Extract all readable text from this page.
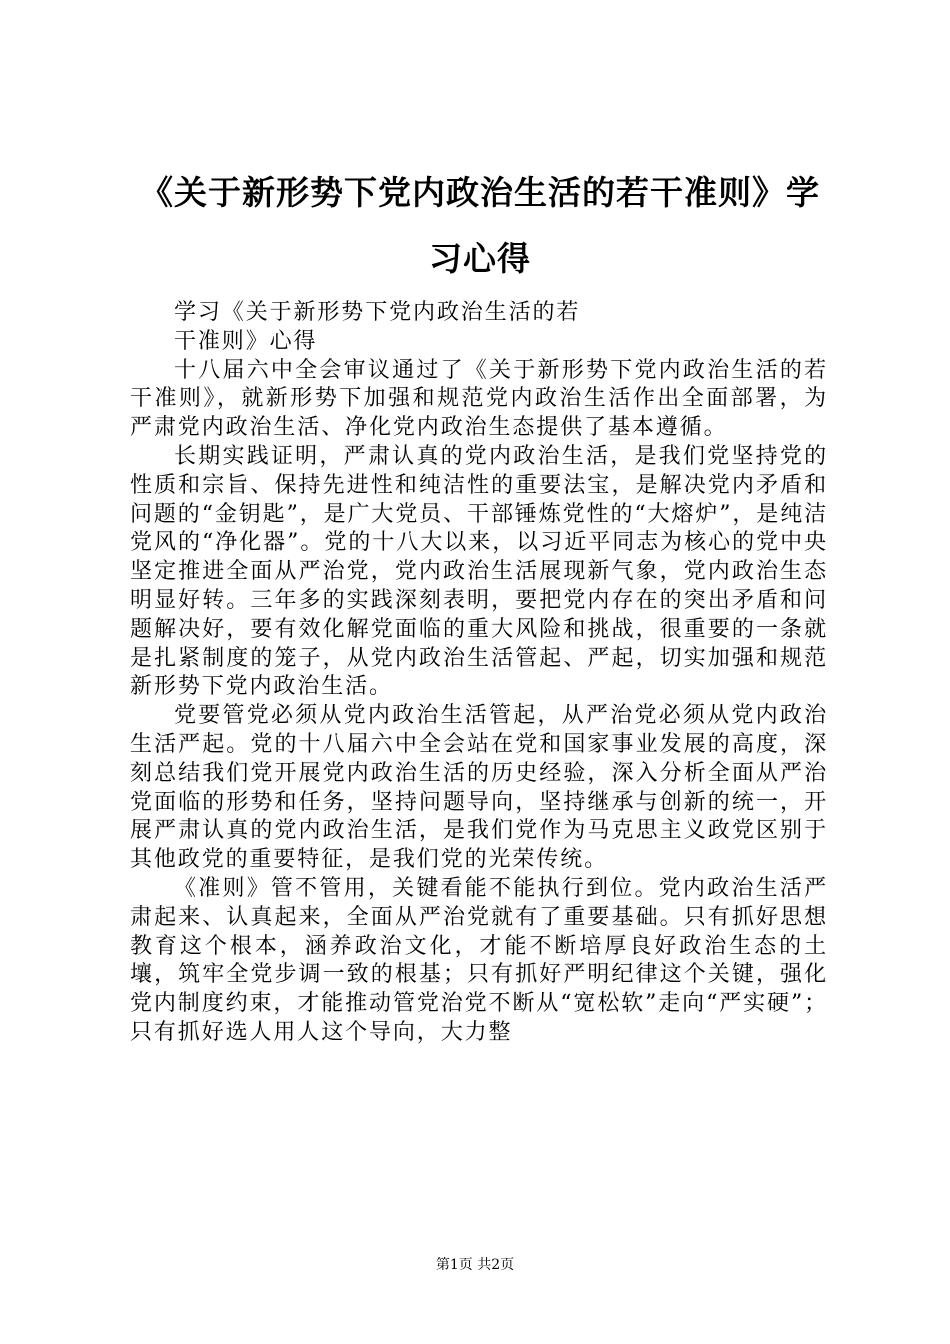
《关于新形势下党内政治生活的若干准则》学习心得

学习《关于新形势下党内政治生活的若干准则》心得

十八届六中全会审议通过了《关于新形势下党内政治生活的若干准则》，就新形势下加强和规范党内政治生活作出全面部署，为严肃党内政治生活、净化党内政治生态提供了基本遵循。

长期实践证明，严肃认真的党内政治生活，是我们党坚持党的性质和宗旨、保持先进性和纯洁性的重要法宝，是解决党内矛盾和问题的“金钥匙”，是广大党员、干部锤炼党性的“大熔炉”，是纯洁党风的“净化器”。党的十八大以来，以习近平同志为核心的党中央坚定推进全面从严治党，党内政治生活展现新气象，党内政治生态明显好转。三年多的实践深刻表明，要把党内存在的突出矛盾和问题解决好，要有效化解党面临的重大风险和挑战，很重要的一条就是扎紧制度的笼子，从党内政治生活管起、严起，切实加强和规范新形势下党内政治生活。

党要管党必须从党内政治生活管起，从严治党必须从党内政治生活严起。党的十八届六中全会站在党和国家事业发展的高度，深刻总结我们党开展党内政治生活的历史经验，深入分析全面从严治党面临的形势和任务，坚持问题导向，坚持继承与创新的统一，开展严肃认真的党内政治生活，是我们党作为马克思主义政党区别于其他政党的重要特征，是我们党的光荣传统。

《准则》管不管用，关键看能不能执行到位。党内政治生活严肃起来、认真起来，全面从严治党就有了重要基础。只有抓好思想教育这个根本，涵养政治文化，才能不断培厚良好政治生态的土壤，筑牢全党步调一致的根基；只有抓好严明纪律这个关键，强化党内制度约束，才能推动管党治党不断从“宽松软”走向“严实硬”；只有抓好选人用人这个导向，大力整

第1页 共2页
